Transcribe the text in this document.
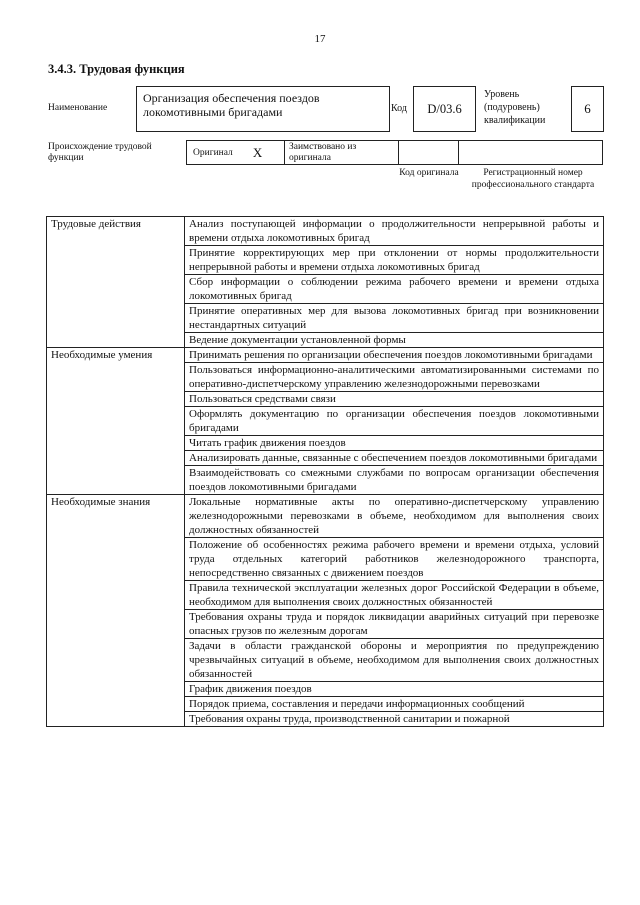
17
3.4.3. Трудовая функция
Наименование
Организация обеспечения поездов локомотивными бригадами	Код	D/03.6
Уровень (подуровень) квалификации
6
Происхождение трудовой функции
Оригинал X	Заимствовано из оригинала
Код оригинала	Регистрационный номер профессионального стандарта
Трудовые действия	Анализ поступающей информации о продолжительности непрерывной работы и времени отдыха локомотивных бригад
	Принятие корректирующих мер при отклонении от нормы продолжительности непрерывной работы и времени отдыха локомотивных бригад
	Сбор информации о соблюдении режима рабочего времени и времени отдыха локомотивных бригад
	Принятие оперативных мер для вызова локомотивных бригад при возникновении нестандартных ситуаций
	Ведение документации установленной формы
Необходимые умения	Принимать решения по организации обеспечения поездов локомотивными бригадами
	Пользоваться информационно-аналитическими автоматизированными системами по оперативно-диспетчерскому управлению железнодорожными перевозками
	Пользоваться средствами связи
	Оформлять документацию по организации обеспечения поездов локомотивными бригадами
	Читать график движения поездов
	Анализировать данные, связанные с обеспечением поездов локомотивными бригадами
	Взаимодействовать со смежными службами по вопросам организации обеспечения поездов локомотивными бригадами
Необходимые знания	Локальные нормативные акты по оперативно-диспетчерскому управлению железнодорожными перевозками в объеме, необходимом для выполнения своих должностных обязанностей
	Положение об особенностях режима рабочего времени и времени отдыха, условий труда отдельных категорий работников железнодорожного транспорта, непосредственно связанных с движением поездов
	Правила технической эксплуатации железных дорог Российской Федерации в объеме, необходимом для выполнения своих должностных обязанностей
	Требования охраны труда и порядок ликвидации аварийных ситуаций при перевозке опасных грузов по железным дорогам
	Задачи в области гражданской обороны и мероприятия по предупреждению чрезвычайных ситуаций в объеме, необходимом для выполнения своих должностных обязанностей
	График движения поездов
	Порядок приема, составления и передачи информационных сообщений
	Требования охраны труда, производственной санитарии и пожарной
